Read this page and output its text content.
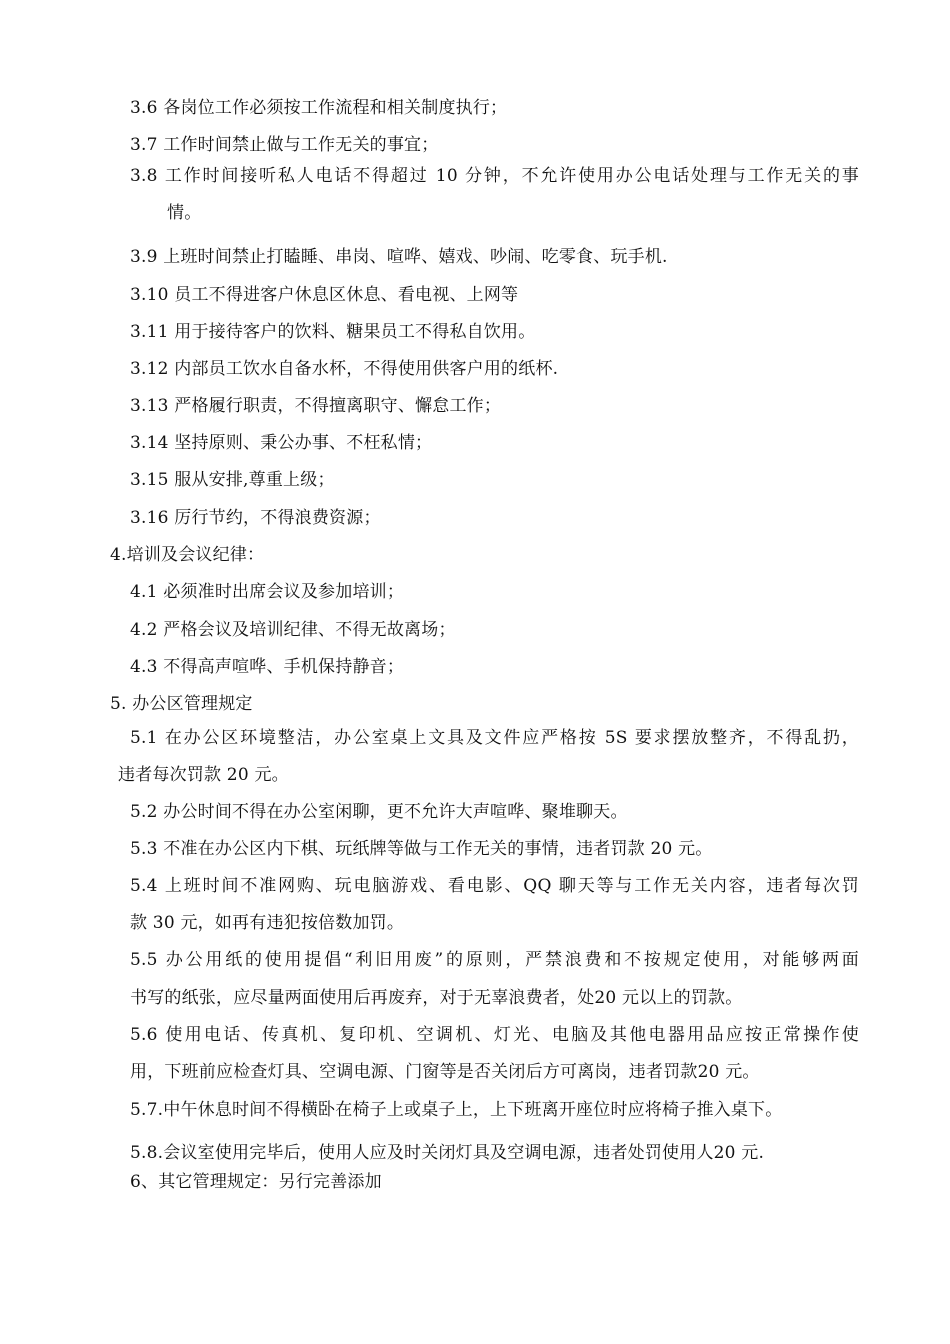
3.6 各岗位工作必须按工作流程和相关制度执行；
3.7 工作时间禁止做与工作无关的事宜；
3.8 工作时间接听私人电话不得超过 10 分钟，不允许使用办公电话处理与工作无关的事
情。
3.9 上班时间禁止打瞌睡、串岗、喧哗、嬉戏、吵闹、吃零食、玩手机.
3.10 员工不得进客户休息区休息、看电视、上网等
3.11 用于接待客户的饮料、糖果员工不得私自饮用。
3.12 内部员工饮水自备水杯，不得使用供客户用的纸杯.
3.13 严格履行职责，不得擅离职守、懈怠工作；
3.14 坚持原则、秉公办事、不枉私情；
3.15 服从安排,尊重上级；
3.16 厉行节约，不得浪费资源；
4.培训及会议纪律：
4.1 必须准时出席会议及参加培训；
4.2 严格会议及培训纪律、不得无故离场；
4.3 不得高声喧哗、手机保持静音；
5. 办公区管理规定
5.1 在办公区环境整洁，办公室桌上文具及文件应严格按 5S 要求摆放整齐，不得乱扔，
违者每次罚款 20 元。
5.2 办公时间不得在办公室闲聊，更不允许大声喧哗、聚堆聊天。
5.3 不准在办公区内下棋、玩纸牌等做与工作无关的事情，违者罚款 20 元。
5.4 上班时间不准网购、玩电脑游戏、看电影、QQ 聊天等与工作无关内容，违者每次罚
款 30 元，如再有违犯按倍数加罚。
5.5 办公用纸的使用提倡“利旧用废”的原则，严禁浪费和不按规定使用，对能够两面
书写的纸张，应尽量两面使用后再废弃，对于无辜浪费者，处20 元以上的罚款。
5.6 使用电话、传真机、复印机、空调机、灯光、电脑及其他电器用品应按正常操作使
用，下班前应检查灯具、空调电源、门窗等是否关闭后方可离岗，违者罚款20 元。
5.7.中午休息时间不得横卧在椅子上或桌子上，上下班离开座位时应将椅子推入桌下。
5.8.会议室使用完毕后，使用人应及时关闭灯具及空调电源，违者处罚使用人20 元.
6、其它管理规定：另行完善添加
